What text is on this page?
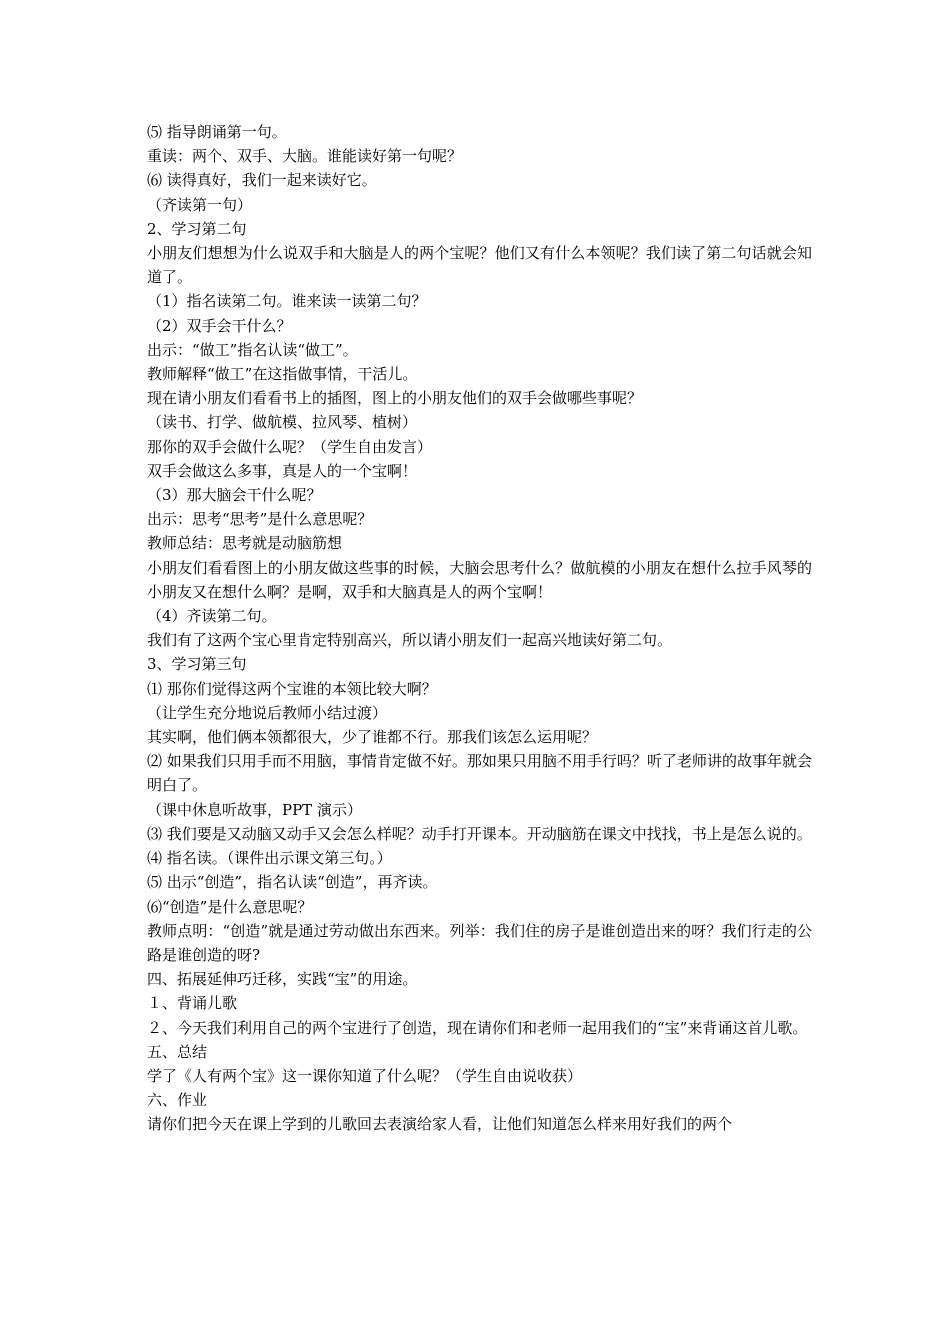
⑸ 指导朗诵第一句。

重读：两个、双手、大脑。谁能读好第一句呢？

⑹ 读得真好，我们一起来读好它。

（齐读第一句）

2、学习第二句

小朋友们想想为什么说双手和大脑是人的两个宝呢？他们又有什么本领呢？我们读了第二句话就会知道了。

（1）指名读第二句。谁来读一读第二句？

（2）双手会干什么？

出示：“做工”指名认读“做工”。

教师解释“做工”在这指做事情，干活儿。

现在请小朋友们看看书上的插图，图上的小朋友他们的双手会做哪些事呢？

（读书、打学、做航模、拉风琴、植树）

那你的双手会做什么呢？（学生自由发言）

双手会做这么多事，真是人的一个宝啊！

（3）那大脑会干什么呢？

出示：思考“思考”是什么意思呢？

教师总结：思考就是动脑筋想

小朋友们看看图上的小朋友做这些事的时候，大脑会思考什么？做航模的小朋友在想什么拉手风琴的小朋友又在想什么啊？是啊，双手和大脑真是人的两个宝啊！

（4）齐读第二句。

我们有了这两个宝心里肯定特别高兴，所以请小朋友们一起高兴地读好第二句。

3、学习第三句

⑴ 那你们觉得这两个宝谁的本领比较大啊？

（让学生充分地说后教师小结过渡）

其实啊，他们俩本领都很大，少了谁都不行。那我们该怎么运用呢？

⑵ 如果我们只用手而不用脑，事情肯定做不好。那如果只用脑不用手行吗？听了老师讲的故事年就会明白了。

（课中休息听故事，PPT 演示）

⑶ 我们要是又动脑又动手又会怎么样呢？动手打开课本。开动脑筋在课文中找找，书上是怎么说的。

⑷ 指名读。（课件出示课文第三句。）

⑸ 出示“创造”，指名认读“创造”，再齐读。

⑹“创造”是什么意思呢？

教师点明：“创造”就是通过劳动做出东西来。列举：我们住的房子是谁创造出来的呀？我们行走的公路是谁创造的呀?

四、拓展延伸巧迁移，实践“宝”的用途。

１、背诵儿歌

２、今天我们利用自己的两个宝进行了创造，现在请你们和老师一起用我们的“宝”来背诵这首儿歌。

五、总结

学了《人有两个宝》这一课你知道了什么呢？（学生自由说收获）

六、作业

请你们把今天在课上学到的儿歌回去表演给家人看，让他们知道怎么样来用好我们的两个
